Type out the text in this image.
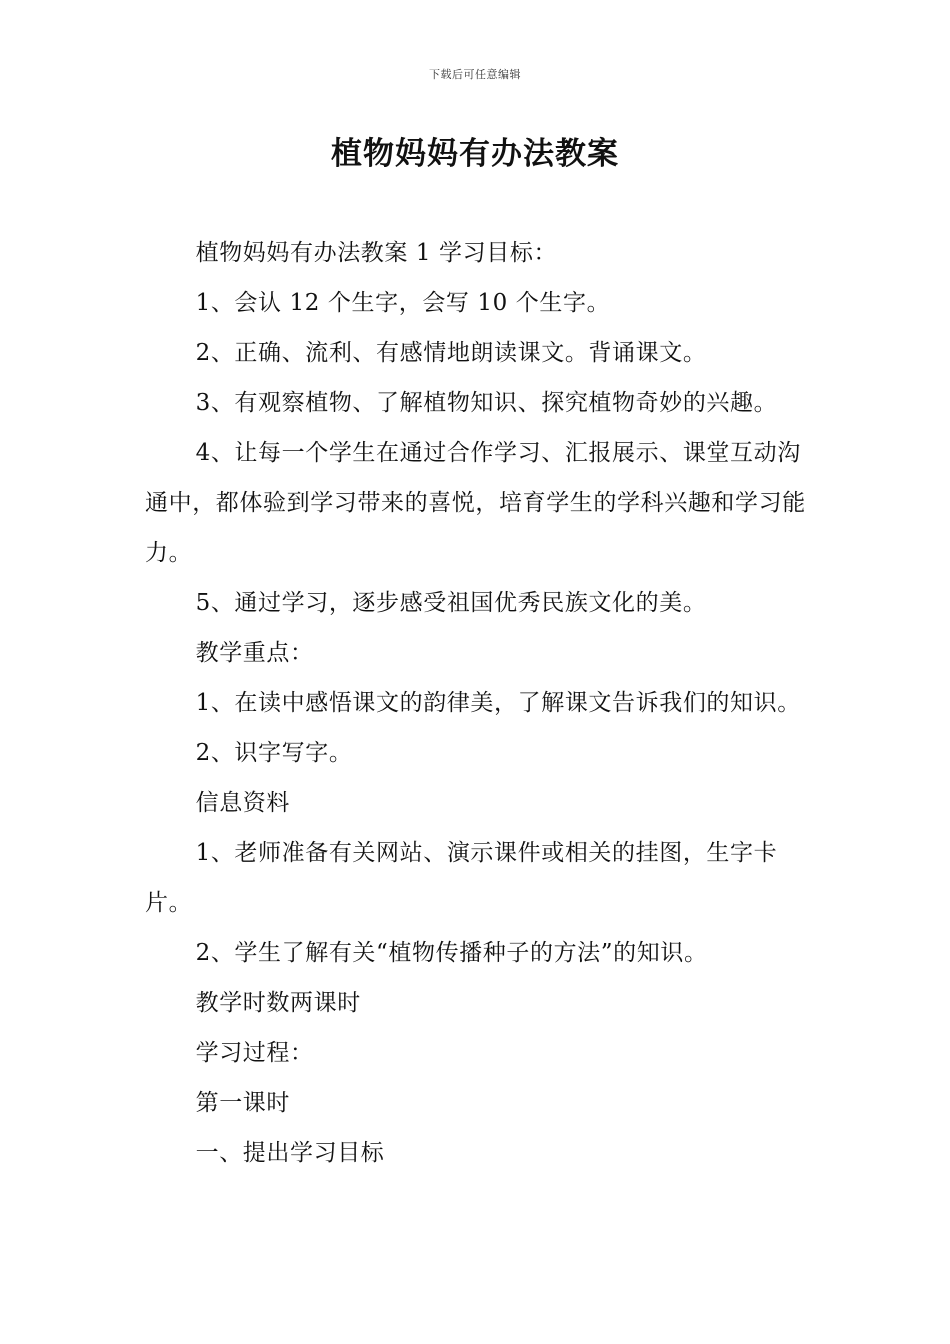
下载后可任意编辑
植物妈妈有办法教案

植物妈妈有办法教案 1 学习目标：

1、会认 12 个生字，会写 10 个生字。

2、正确、流利、有感情地朗读课文。背诵课文。

3、有观察植物、了解植物知识、探究植物奇妙的兴趣。

4、让每一个学生在通过合作学习、汇报展示、课堂互动沟通中，都体验到学习带来的喜悦，培育学生的学科兴趣和学习能力。

5、通过学习，逐步感受祖国优秀民族文化的美。

教学重点：

1、在读中感悟课文的韵律美，了解课文告诉我们的知识。

2、识字写字。

信息资料

1、老师准备有关网站、演示课件或相关的挂图，生字卡片。

2、学生了解有关“植物传播种子的方法”的知识。

教学时数两课时

学习过程：

第一课时

一、提出学习目标
